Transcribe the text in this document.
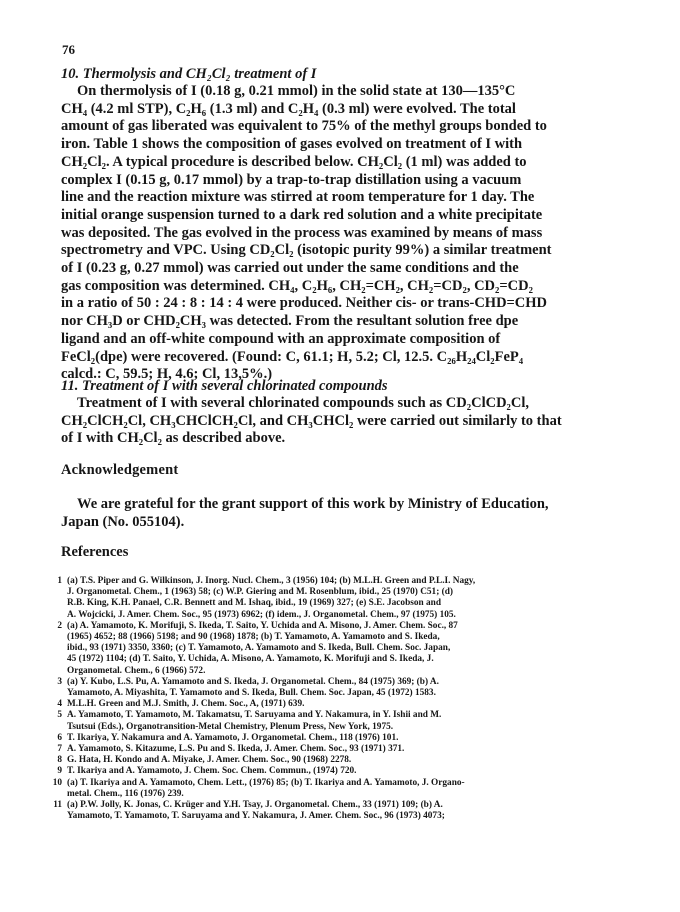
76
10. Thermolysis and CH₂Cl₂ treatment of I
On thermolysis of I (0.18 g, 0.21 mmol) in the solid state at 130—135°C
CH₄ (4.2 ml STP), C₂H₆ (1.3 ml) and C₂H₄ (0.3 ml) were evolved. The total
amount of gas liberated was equivalent to 75% of the methyl groups bonded to
iron. Table 1 shows the composition of gases evolved on treatment of I with
CH₂Cl₂. A typical procedure is described below. CH₂Cl₂ (1 ml) was added to
complex I (0.15 g, 0.17 mmol) by a trap-to-trap distillation using a vacuum
line and the reaction mixture was stirred at room temperature for 1 day. The
initial orange suspension turned to a dark red solution and a white precipitate
was deposited. The gas evolved in the process was examined by means of mass
spectrometry and VPC. Using CD₂Cl₂ (isotopic purity 99%) a similar treatment
of I (0.23 g, 0.27 mmol) was carried out under the same conditions and the
gas composition was determined. CH₄, C₂H₆, CH₂=CH₂, CH₂=CD₂, CD₂=CD₂
in a ratio of 50 : 24 : 8 : 14 : 4 were produced. Neither cis- or trans-CHD=CHD
nor CH₃D or CHD₂CH₃ was detected. From the resultant solution free dpe
ligand and an off-white compound with an approximate composition of
FeCl₂(dpe) were recovered. (Found: C, 61.1; H, 5.2; Cl, 12.5. C₂₆H₂₄Cl₂FeP₄
calcd.: C, 59.5; H, 4.6; Cl, 13,5%.)
11. Treatment of I with several chlorinated compounds
Treatment of I with several chlorinated compounds such as CD₂ClCD₂Cl,
CH₂ClCH₂Cl, CH₃CHClCH₂Cl, and CH₃CHCl₂ were carried out similarly to that
of I with CH₂Cl₂ as described above.
Acknowledgement
We are grateful for the grant support of this work by Ministry of Education,
Japan (No. 055104).
References
1 (a) T.S. Piper and G. Wilkinson, J. Inorg. Nucl. Chem., 3 (1956) 104; (b) M.L.H. Green and P.L.I. Nagy,
J. Organometal. Chem., 1 (1963) 58; (c) W.P. Giering and M. Rosenblum, ibid., 25 (1970) C51; (d)
R.B. King, K.H. Panael, C.R. Bennett and M. Ishaq, ibid., 19 (1969) 327; (e) S.E. Jacobson and
A. Wojcicki, J. Amer. Chem. Soc., 95 (1973) 6962; (f) idem., J. Organometal. Chem., 97 (1975) 105.
2 (a) A. Yamamoto, K. Morifuji, S. Ikeda, T. Saito, Y. Uchida and A. Misono, J. Amer. Chem. Soc., 87
(1965) 4652; 88 (1966) 5198; and 90 (1968) 1878; (b) T. Yamamoto, A. Yamamoto and S. Ikeda,
ibid., 93 (1971) 3350, 3360; (c) T. Yamamoto, A. Yamamoto and S. Ikeda, Bull. Chem. Soc. Japan,
45 (1972) 1104; (d) T. Saito, Y. Uchida, A. Misono, A. Yamamoto, K. Morifuji and S. Ikeda, J.
Organometal. Chem., 6 (1966) 572.
3 (a) Y. Kubo, L.S. Pu, A. Yamamoto and S. Ikeda, J. Organometal. Chem., 84 (1975) 369; (b) A.
Yamamoto, A. Miyashita, T. Yamamoto and S. Ikeda, Bull. Chem. Soc. Japan, 45 (1972) 1583.
4 M.L.H. Green and M.J. Smith, J. Chem. Soc., A, (1971) 639.
5 A. Yamamoto, T. Yamamoto, M. Takamatsu, T. Saruyama and Y. Nakamura, in Y. Ishii and M.
Tsutsui (Eds.), Organotransition-Metal Chemistry, Plenum Press, New York, 1975.
6 T. Ikariya, Y. Nakamura and A. Yamamoto, J. Organometal. Chem., 118 (1976) 101.
7 A. Yamamoto, S. Kitazume, L.S. Pu and S. Ikeda, J. Amer. Chem. Soc., 93 (1971) 371.
8 G. Hata, H. Kondo and A. Miyake, J. Amer. Chem. Soc., 90 (1968) 2278.
9 T. Ikariya and A. Yamamoto, J. Chem. Soc. Chem. Commun., (1974) 720.
10 (a) T. Ikariya and A. Yamamoto, Chem. Lett., (1976) 85; (b) T. Ikariya and A. Yamamoto, J. Organo-
metal. Chem., 116 (1976) 239.
11 (a) P.W. Jolly, K. Jonas, C. Krüger and Y.H. Tsay, J. Organometal. Chem., 33 (1971) 109; (b) A.
Yamamoto, T. Yamamoto, T. Saruyama and Y. Nakamura, J. Amer. Chem. Soc., 96 (1973) 4073;
